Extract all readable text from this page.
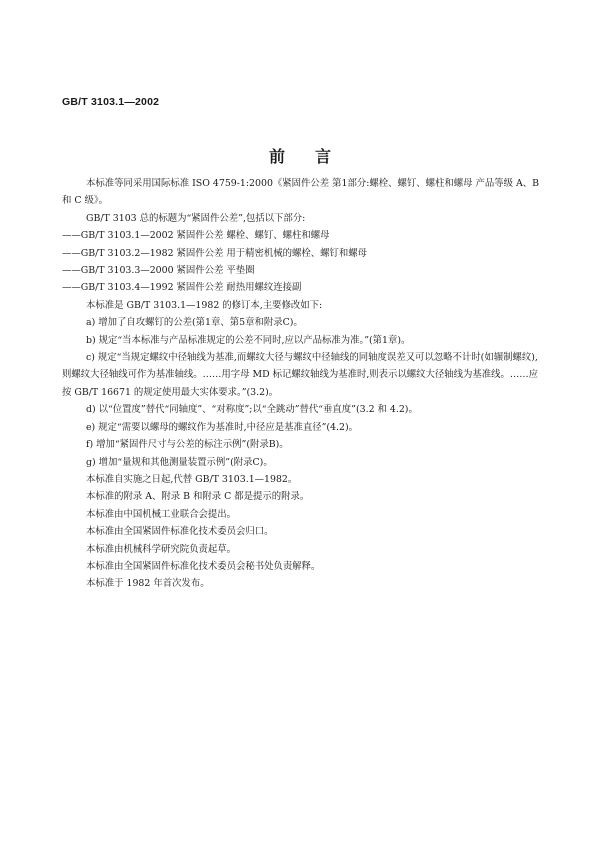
GB/T 3103.1—2002
前言

本标准等同采用国际标准 ISO 4759-1:2000《紧固件公差 第1部分:螺栓、螺钉、螺柱和螺母 产品等级 A、B 和 C 级》。

GB/T 3103 总的标题为“紧固件公差”,包括以下部分:

——GB/T 3103.1—2002 紧固件公差 螺栓、螺钉、螺柱和螺母

——GB/T 3103.2—1982 紧固件公差 用于精密机械的螺栓、螺钉和螺母

——GB/T 3103.3—2000 紧固件公差 平垫圈

——GB/T 3103.4—1992 紧固件公差 耐热用螺纹连接副

本标准是 GB/T 3103.1—1982 的修订本,主要修改如下:

a) 增加了自攻螺钉的公差(第1章、第5章和附录C)。

b) 规定“当本标准与产品标准规定的公差不同时,应以产品标准为准。”(第1章)。

c) 规定“当规定螺纹中径轴线为基准,而螺纹大径与螺纹中径轴线的同轴度误差又可以忽略不计时(如辗制螺纹),则螺纹大径轴线可作为基准轴线。……用字母 MD 标记螺纹轴线为基准时,则表示以螺纹大径轴线为基准线。……应按 GB/T 16671 的规定使用最大实体要求。”(3.2)。

d) 以“位置度”替代“同轴度”、“对称度”;以“全跳动”替代“垂直度”(3.2 和 4.2)。

e) 规定“需要以螺母的螺纹作为基准时,中径应是基准直径”(4.2)。

f) 增加“紧固件尺寸与公差的标注示例”(附录B)。

g) 增加“量规和其他测量装置示例”(附录C)。

本标准自实施之日起,代替 GB/T 3103.1—1982。

本标准的附录 A、附录 B 和附录 C 都是提示的附录。

本标准由中国机械工业联合会提出。

本标准由全国紧固件标准化技术委员会归口。

本标准由机械科学研究院负责起草。

本标准由全国紧固件标准化技术委员会秘书处负责解释。

本标准于 1982 年首次发布。
